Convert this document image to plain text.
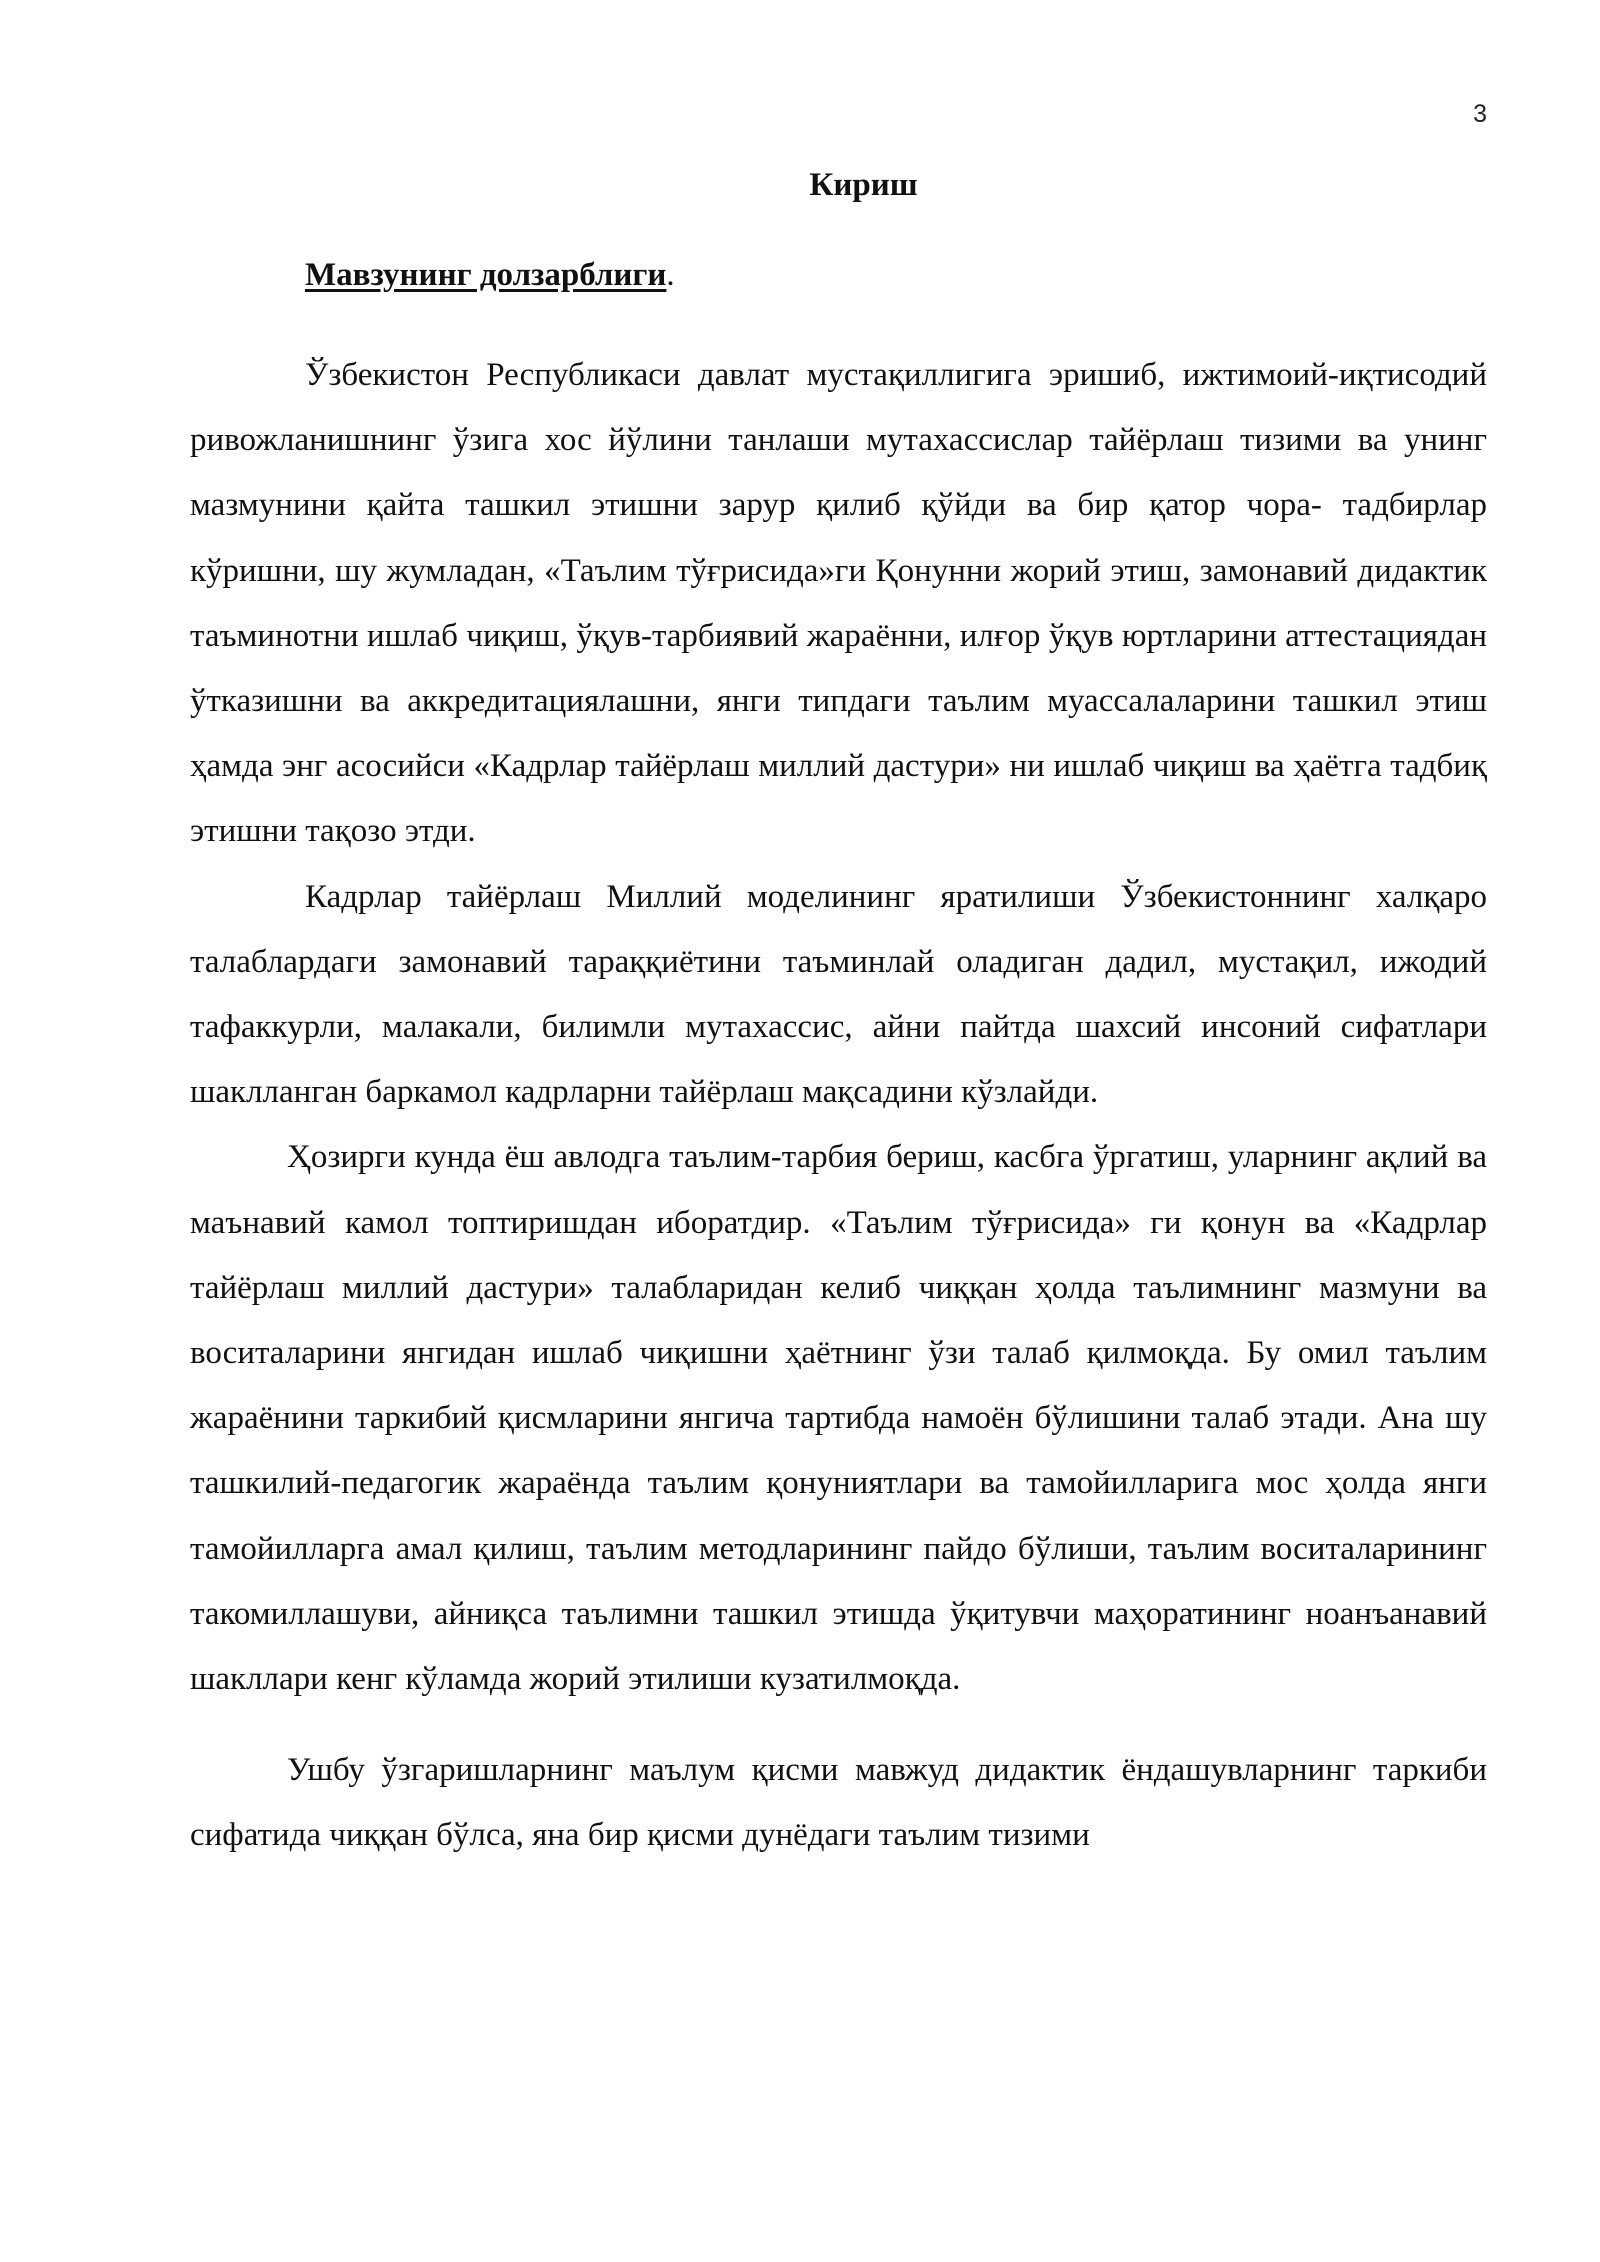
3
Кириш

Мавзунинг долзарблиги.

Ўзбекистон Республикаси давлат мустақиллигига эришиб, ижтимоий-иқтисодий ривожланишнинг ўзига хос йўлини танлаши мутахассислар тайёрлаш тизими ва унинг мазмунини қайта ташкил этишни зарур қилиб қўйди ва бир қатор чора- тадбирлар кўришни, шу жумладан, «Таълим тўғрисида»ги Қонунни жорий этиш, замонавий дидактик таъминотни ишлаб чиқиш, ўқув-тарбиявий жараённи, илғор ўқув юртларини аттестациядан ўтказишни ва аккредитациялашни, янги типдаги таълим муассалаларини ташкил этиш ҳамда энг асосийси «Кадрлар тайёрлаш миллий дастури» ни ишлаб чиқиш ва ҳаётга тадбиқ этишни тақозо этди.

Кадрлар тайёрлаш Миллий моделининг яратилиши Ўзбекистоннинг халқаро талаблардаги замонавий тараққиётини таъминлай оладиган дадил, мустақил, ижодий тафаккурли, малакали, билимли мутахассис, айни пайтда шахсий инсоний сифатлари шаклланган баркамол кадрларни тайёрлаш мақсадини кўзлайди.

Ҳозирги кунда ёш авлодга таълим-тарбия бериш, касбга ўргатиш, уларнинг ақлий ва маънавий камол топтиришдан иборатдир. «Таълим тўғрисида» ги қонун ва «Кадрлар тайёрлаш миллий дастури» талабларидан келиб чиққан ҳолда таълимнинг мазмуни ва воситаларини янгидан ишлаб чиқишни ҳаётнинг ўзи талаб қилмоқда. Бу омил таълим жараёнини таркибий қисмларини янгича тартибда намоён бўлишини талаб этади. Ана шу ташкилий-педагогик жараёнда таълим қонуниятлари ва тамойилларига мос ҳолда янги тамойилларга амал қилиш, таълим методларининг пайдо бўлиши, таълим воситаларининг такомиллашуви, айниқса таълимни ташкил этишда ўқитувчи маҳоратининг ноанъанавий шакллари кенг кўламда жорий этилиши кузатилмоқда.

Ушбу ўзгаришларнинг маълум қисми мавжуд дидактик ёндашувларнинг таркиби сифатида чиққан бўлса, яна бир қисми дунёдаги таълим тизими
